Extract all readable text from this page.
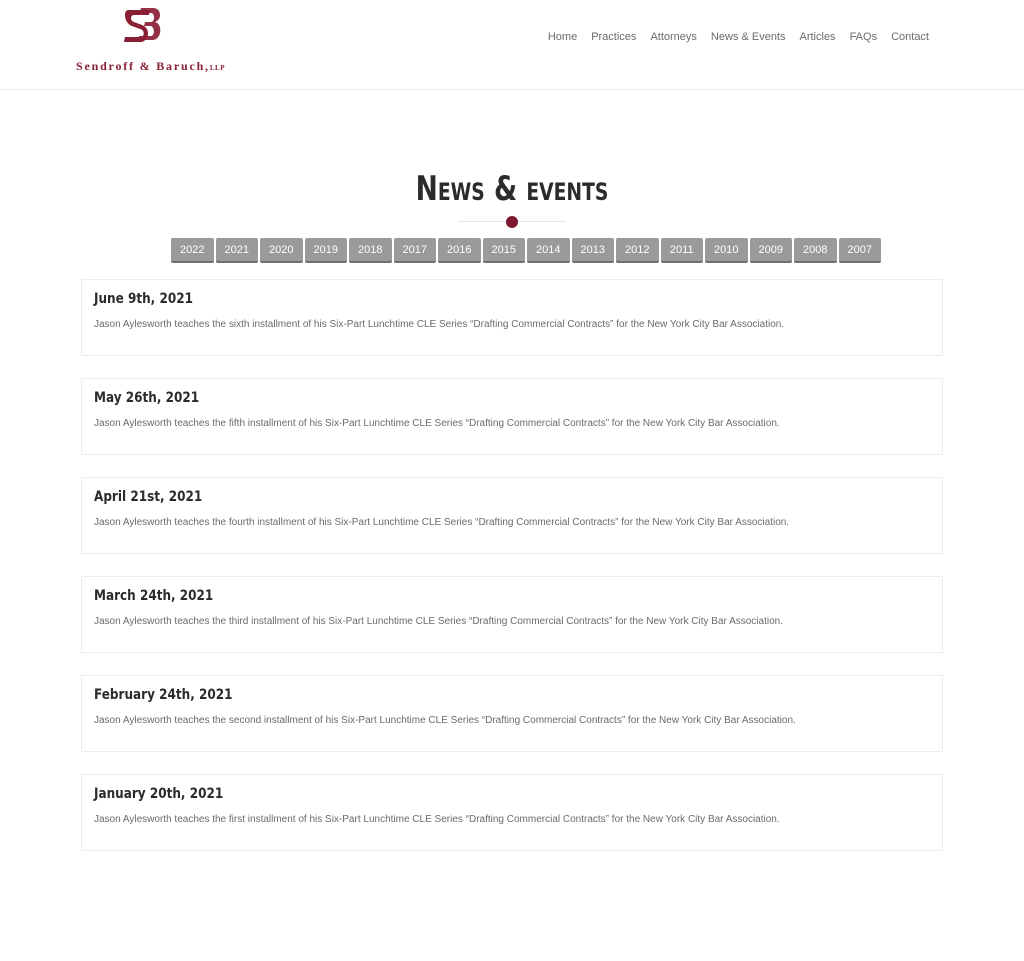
Sendroff & Baruch,LLP
Home	Practices	Attorneys	News & Events	Articles	FAQs	Contact
News & events
2022	2021	2020	2019	2018	2017	2016	2015	2014	2013	2012	2011	2010	2009	2008	2007
June 9th, 2021
Jason Aylesworth teaches the sixth installment of his Six-Part Lunchtime CLE Series “Drafting Commercial Contracts” for the New York City Bar Association.
May 26th, 2021
Jason Aylesworth teaches the fifth installment of his Six-Part Lunchtime CLE Series “Drafting Commercial Contracts” for the New York City Bar Association.
April 21st, 2021
Jason Aylesworth teaches the fourth installment of his Six-Part Lunchtime CLE Series “Drafting Commercial Contracts” for the New York City Bar Association.
March 24th, 2021
Jason Aylesworth teaches the third installment of his Six-Part Lunchtime CLE Series “Drafting Commercial Contracts” for the New York City Bar Association.
February 24th, 2021
Jason Aylesworth teaches the second installment of his Six-Part Lunchtime CLE Series “Drafting Commercial Contracts” for the New York City Bar Association.
January 20th, 2021
Jason Aylesworth teaches the first installment of his Six-Part Lunchtime CLE Series “Drafting Commercial Contracts” for the New York City Bar Association.
